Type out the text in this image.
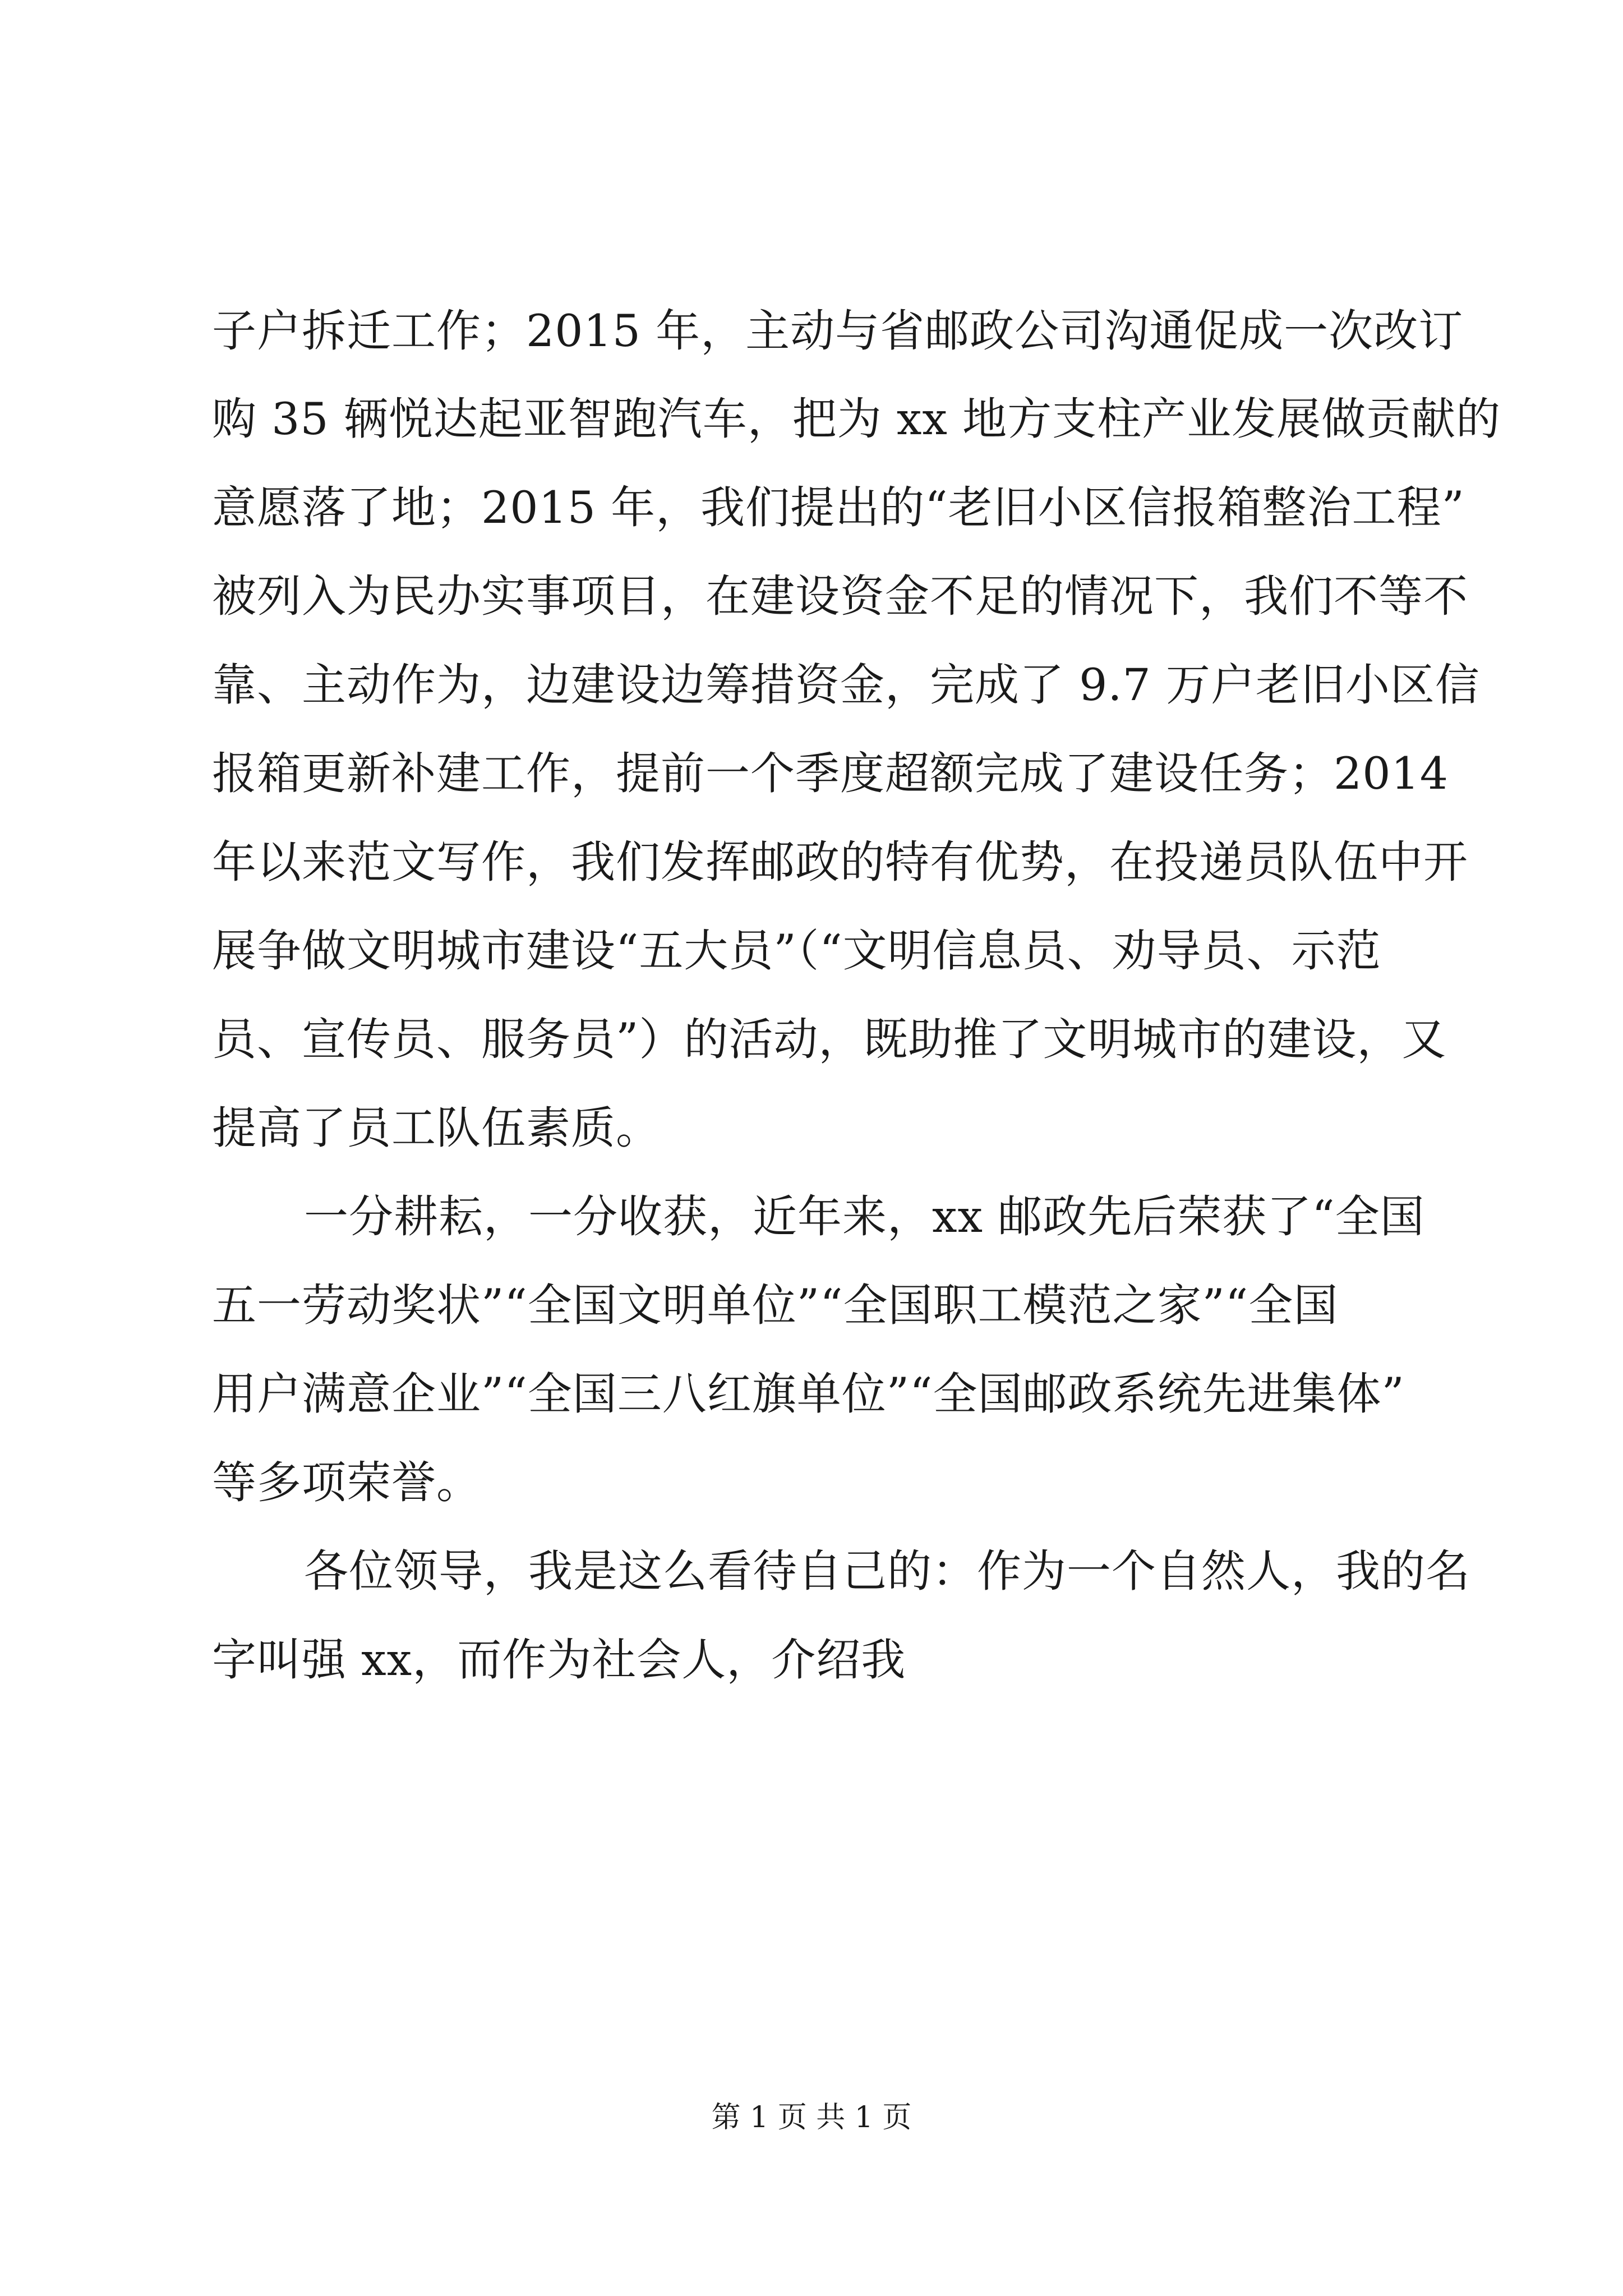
子户拆迁工作；2015 年，主动与省邮政公司沟通促成一次改订
购 35 辆悦达起亚智跑汽车，把为 xx 地方支柱产业发展做贡献的
意愿落了地；2015 年，我们提出的“老旧小区信报箱整治工程”
被列入为民办实事项目，在建设资金不足的情况下，我们不等不
靠、主动作为，边建设边筹措资金，完成了 9.7 万户老旧小区信
报箱更新补建工作，提前一个季度超额完成了建设任务；2014
年以来范文写作，我们发挥邮政的特有优势，在投递员队伍中开
展争做文明城市建设“五大员”（“文明信息员、劝导员、示范
员、宣传员、服务员”）的活动，既助推了文明城市的建设，又
提高了员工队伍素质。
一分耕耘，一分收获，近年来，xx 邮政先后荣获了“全国
五一劳动奖状”“全国文明单位”“全国职工模范之家”“全国
用户满意企业”“全国三八红旗单位”“全国邮政系统先进集体”
等多项荣誉。
各位领导，我是这么看待自己的：作为一个自然人，我的名
字叫强 xx，而作为社会人，介绍我
第 1 页 共 1 页
